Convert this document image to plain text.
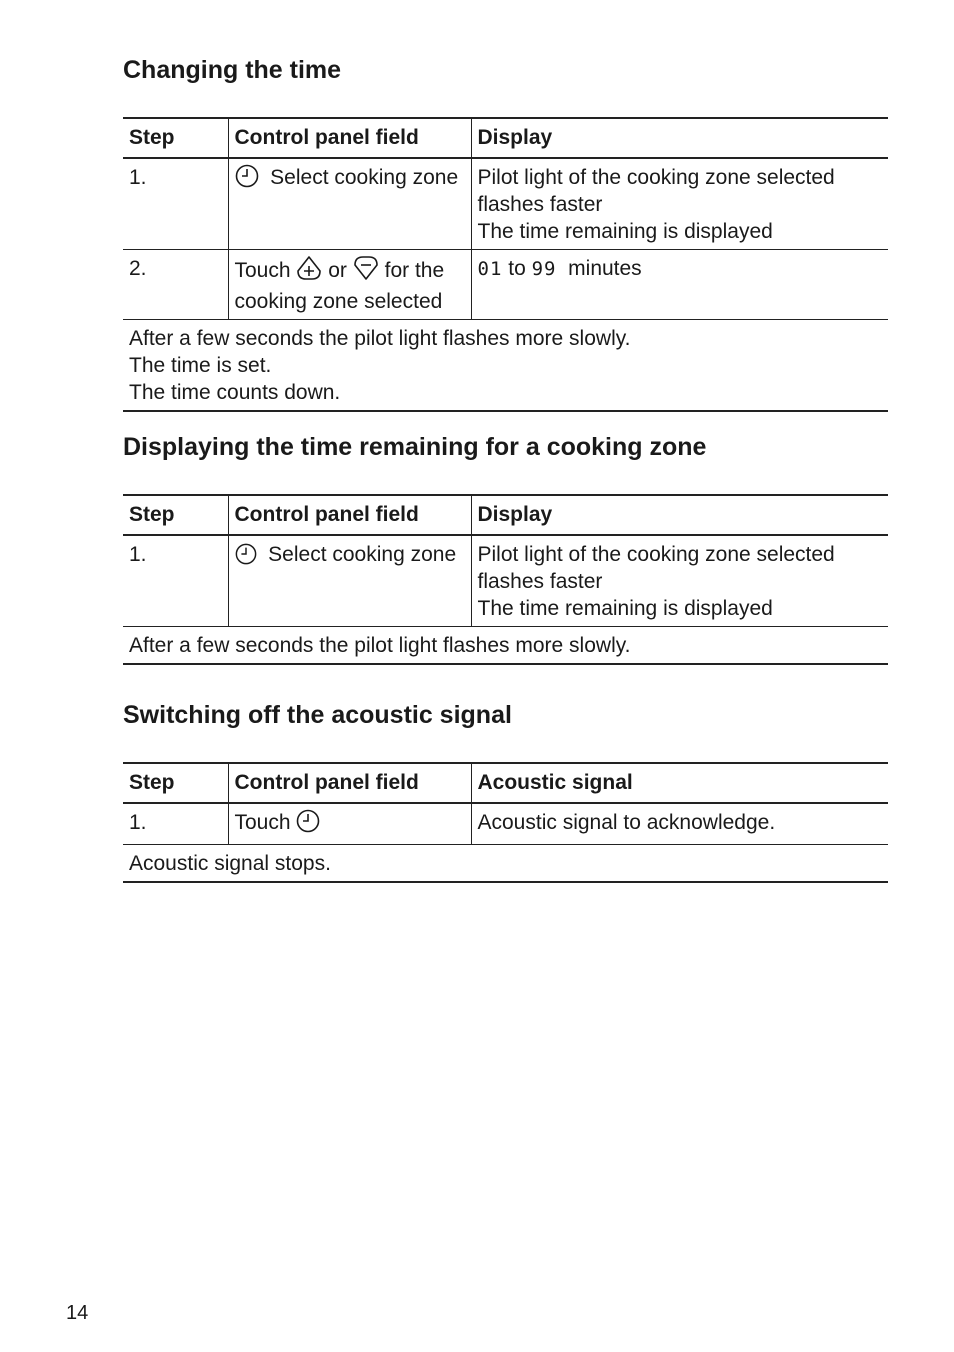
Changing the time
Step	Control panel field	Display
1.	Select cooking zone	Pilot light of the cooking zone selected flashes faster
The time remaining is displayed

2.	Touch or for the cooking zone selected	01 to 99 minutes

After a few seconds the pilot light flashes more slowly.
The time is set.
The time counts down.		
Displaying the time remaining for a cooking zone
Step	Control panel field	Display
1.	Select cooking zone	Pilot light of the cooking zone selected flashes faster
The time remaining is displayed

After a few seconds the pilot light flashes more slowly.		
Switching off the acoustic signal
Step	Control panel field	Acoustic signal
1.	Touch	Acoustic signal to acknowledge.

Acoustic signal stops.		
14
